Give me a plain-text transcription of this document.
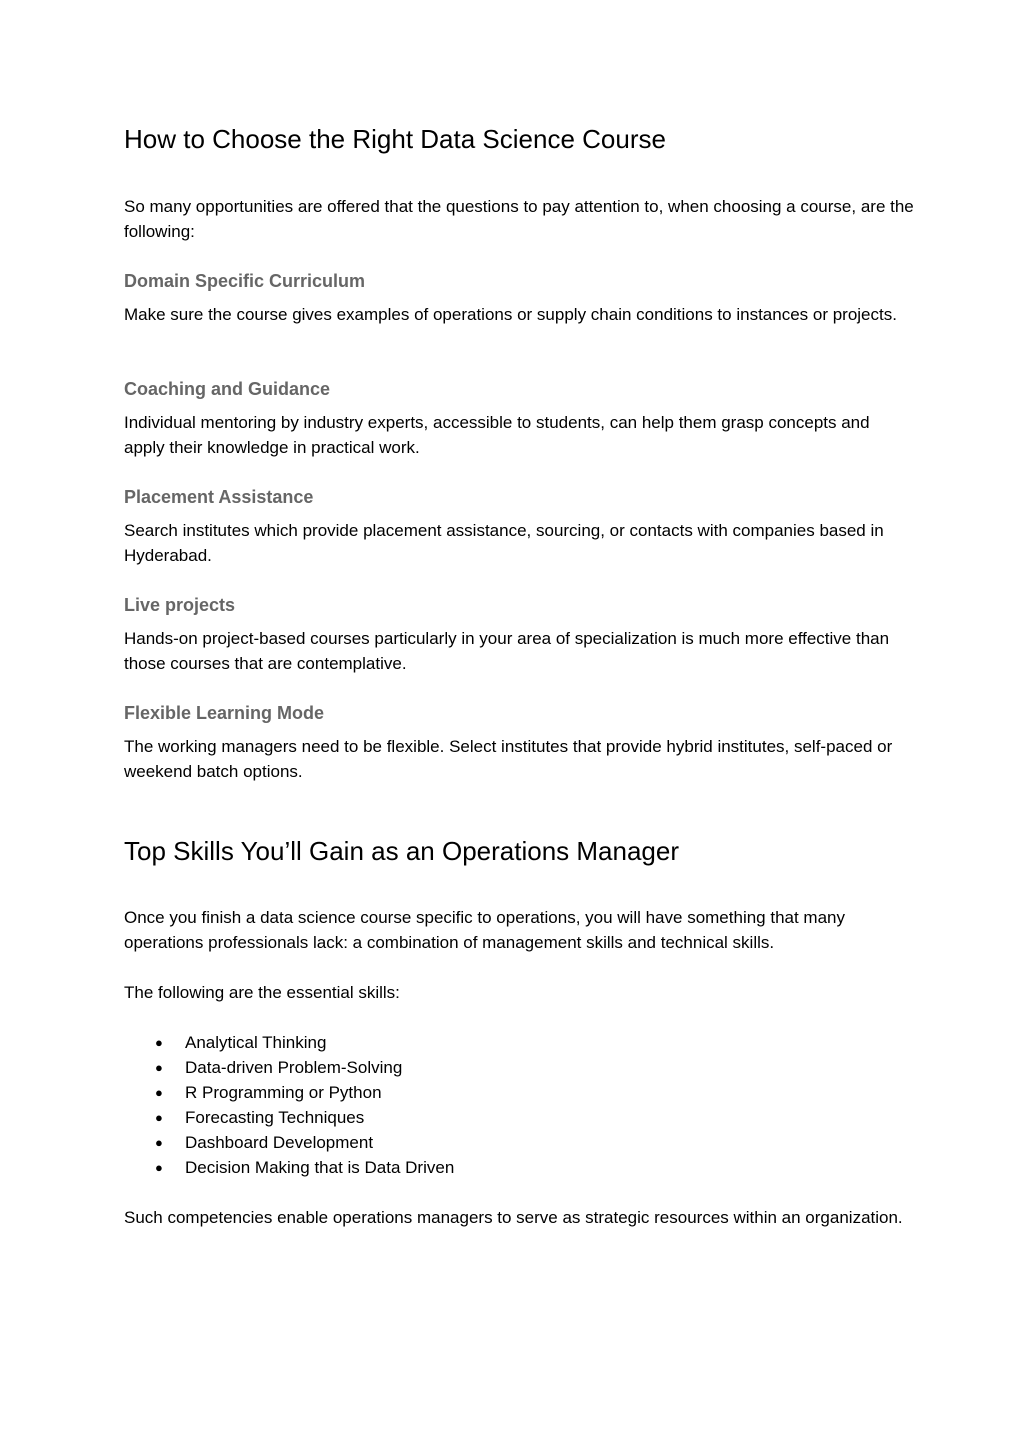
How to Choose the Right Data Science Course

So many opportunities are offered that the questions to pay attention to, when choosing a course, are the following:

Domain Specific Curriculum

Make sure the course gives examples of operations or supply chain conditions to instances or projects.

Coaching and Guidance

Individual mentoring by industry experts, accessible to students, can help them grasp concepts and apply their knowledge in practical work.

Placement Assistance

Search institutes which provide placement assistance, sourcing, or contacts with companies based in Hyderabad.

Live projects

Hands-on project-based courses particularly in your area of specialization is much more effective than those courses that are contemplative.

Flexible Learning Mode

The working managers need to be flexible. Select institutes that provide hybrid institutes, self-paced or weekend batch options.

Top Skills You’ll Gain as an Operations Manager

Once you finish a data science course specific to operations, you will have something that many operations professionals lack: a combination of management skills and technical skills.

The following are the essential skills:

● Analytical Thinking
● Data-driven Problem-Solving
● R Programming or Python
● Forecasting Techniques
● Dashboard Development
● Decision Making that is Data Driven

Such competencies enable operations managers to serve as strategic resources within an organization.
